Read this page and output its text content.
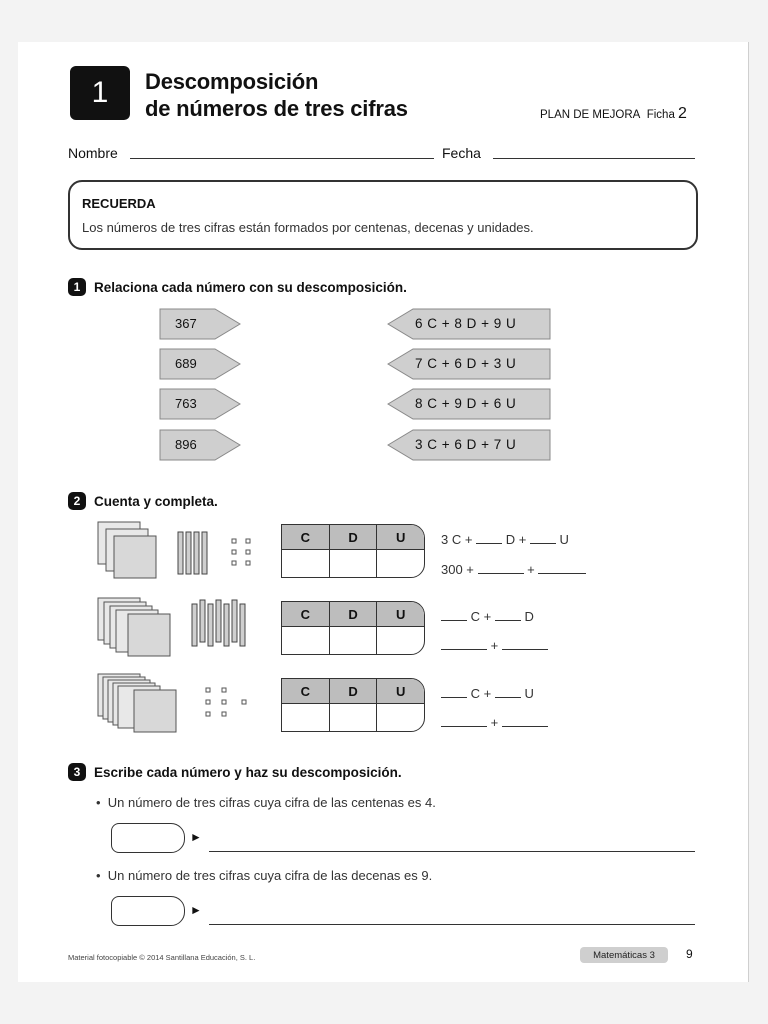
1 Descomposición
de números de tres cifras	PLAN DE MEJORA Ficha 2
Nombre	Fecha
RECUERDA
Los números de tres cifras están formados por centenas, decenas y unidades.
1	Relaciona cada número con su descomposición.
367
689
763
896
6 C + 8 D + 9 U
7 C + 6 D + 3 U
8 C + 9 D + 6 U
3 C + 6 D + 7 U
2	Cuenta y completa.
C	D	U
C	D	U
C	D	U
3 C +	D +	U
300 +	+
C +	D
+
C +	U
+
3	Escribe cada número y haz su descomposición.
•  Un número de tres cifras cuya cifra de las centenas es 4.
►
•  Un número de tres cifras cuya cifra de las decenas es 9.
►
Material fotocopiable © 2014 Santillana Educación, S. L.	Matemáticas 3	9
